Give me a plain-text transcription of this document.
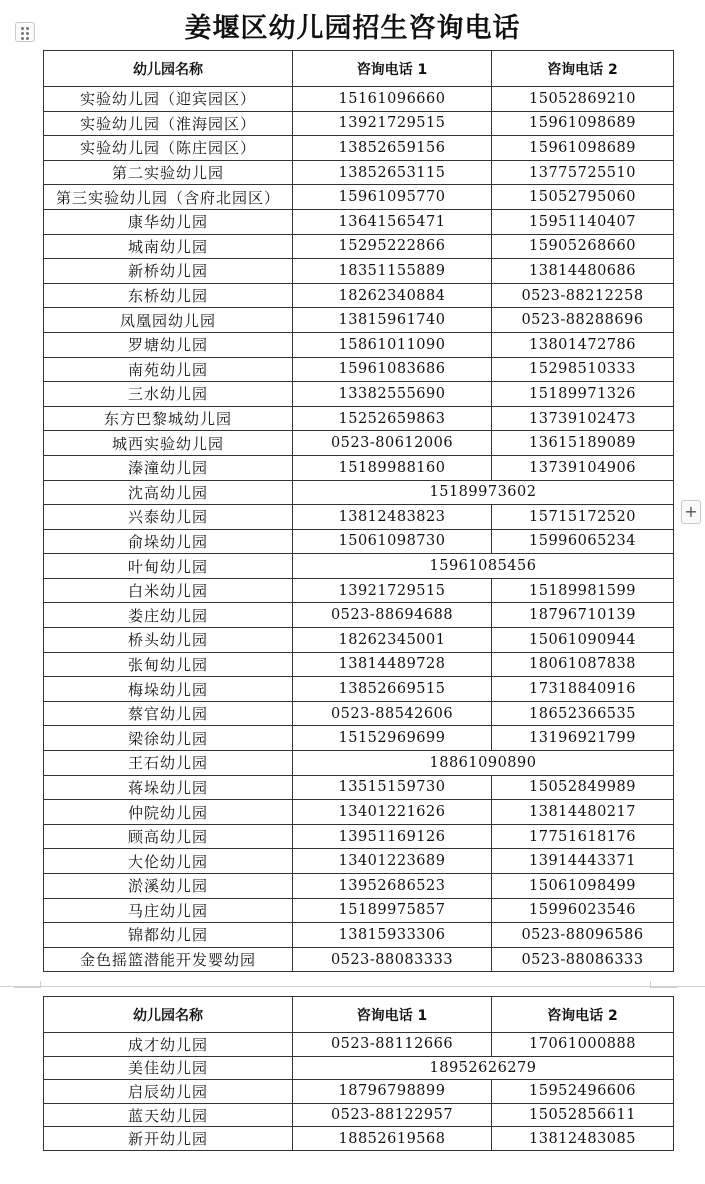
姜堰区幼儿园招生咨询电话
幼儿园名称	咨询电话 1	咨询电话 2
实验幼儿园（迎宾园区）	15161096660	15052869210
实验幼儿园（淮海园区）	13921729515	15961098689
实验幼儿园（陈庄园区）	13852659156	15961098689
第二实验幼儿园	13852653115	13775725510
第三实验幼儿园（含府北园区）	15961095770	15052795060
康华幼儿园	13641565471	15951140407
城南幼儿园	15295222866	15905268660
新桥幼儿园	18351155889	13814480686
东桥幼儿园	18262340884	0523-88212258
凤凰园幼儿园	13815961740	0523-88288696
罗塘幼儿园	15861011090	13801472786
南苑幼儿园	15961083686	15298510333
三水幼儿园	13382555690	15189971326
东方巴黎城幼儿园	15252659863	13739102473
城西实验幼儿园	0523-80612006	13615189089
溱潼幼儿园	15189988160	13739104906
沈高幼儿园	15189973602	
兴泰幼儿园	13812483823	15715172520
俞垛幼儿园	15061098730	15996065234
叶甸幼儿园	15961085456	
白米幼儿园	13921729515	15189981599
娄庄幼儿园	0523-88694688	18796710139
桥头幼儿园	18262345001	15061090944
张甸幼儿园	13814489728	18061087838
梅垛幼儿园	13852669515	17318840916
蔡官幼儿园	0523-88542606	18652366535
梁徐幼儿园	15152969699	13196921799
王石幼儿园	18861090890	
蒋垛幼儿园	13515159730	15052849989
仲院幼儿园	13401221626	13814480217
顾高幼儿园	13951169126	17751618176
大伦幼儿园	13401223689	13914443371
淤溪幼儿园	13952686523	15061098499
马庄幼儿园	15189975857	15996023546
锦都幼儿园	13815933306	0523-88096586
金色摇篮潜能开发婴幼园	0523-88083333	0523-88086333
幼儿园名称	咨询电话 1	咨询电话 2
成才幼儿园	0523-88112666	17061000888
美佳幼儿园	18952626279	
启辰幼儿园	18796798899	15952496606
蓝天幼儿园	0523-88122957	15052856611
新开幼儿园	18852619568	13812483085
+
